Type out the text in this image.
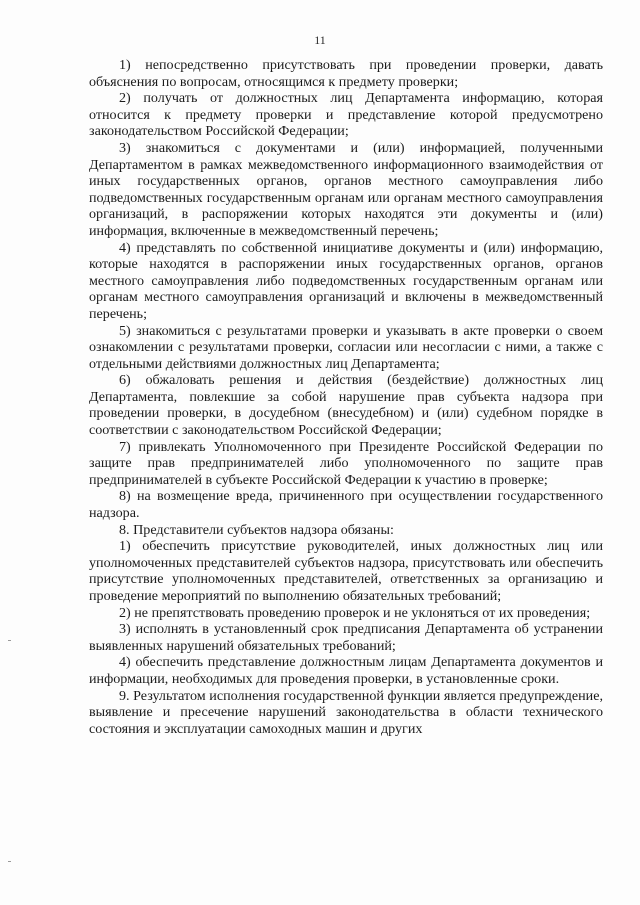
11

1) непосредственно присутствовать при проведении проверки, давать объяснения по вопросам, относящимся к предмету проверки;

2) получать от должностных лиц Департамента информацию, которая относится к предмету проверки и представление которой предусмотрено законодательством Российской Федерации;

3) знакомиться с документами и (или) информацией, полученными Департаментом в рамках межведомственного информационного взаимодействия от иных государственных органов, органов местного самоуправления либо подведомственных государственным органам или органам местного самоуправления организаций, в распоряжении которых находятся эти документы и (или) информация, включенные в межведомственный перечень;

4) представлять по собственной инициативе документы и (или) информацию, которые находятся в распоряжении иных государственных органов, органов местного самоуправления либо подведомственных государственным органам или органам местного самоуправления организаций и включены в межведомственный перечень;

5) знакомиться с результатами проверки и указывать в акте проверки о своем ознакомлении с результатами проверки, согласии или несогласии с ними, а также с отдельными действиями должностных лиц Департамента;

6) обжаловать решения и действия (бездействие) должностных лиц Департамента, повлекшие за собой нарушение прав субъекта надзора при проведении проверки, в досудебном (внесудебном) и (или) судебном порядке в соответствии с законодательством Российской Федерации;

7) привлекать Уполномоченного при Президенте Российской Федерации по защите прав предпринимателей либо уполномоченного по защите прав предпринимателей в субъекте Российской Федерации к участию в проверке;

8) на возмещение вреда, причиненного при осуществлении государственного надзора.

8. Представители субъектов надзора обязаны:

1) обеспечить присутствие руководителей, иных должностных лиц или уполномоченных представителей субъектов надзора, присутствовать или обеспечить присутствие уполномоченных представителей, ответственных за организацию и проведение мероприятий по выполнению обязательных требований;

2) не препятствовать проведению проверок и не уклоняться от их проведения;

3) исполнять в установленный срок предписания Департамента об устранении выявленных нарушений обязательных требований;

4) обеспечить представление должностным лицам Департамента документов и информации, необходимых для проведения проверки, в установленные сроки.

9. Результатом исполнения государственной функции является предупреждение, выявление и пресечение нарушений законодательства в области технического состояния и эксплуатации самоходных машин и других
